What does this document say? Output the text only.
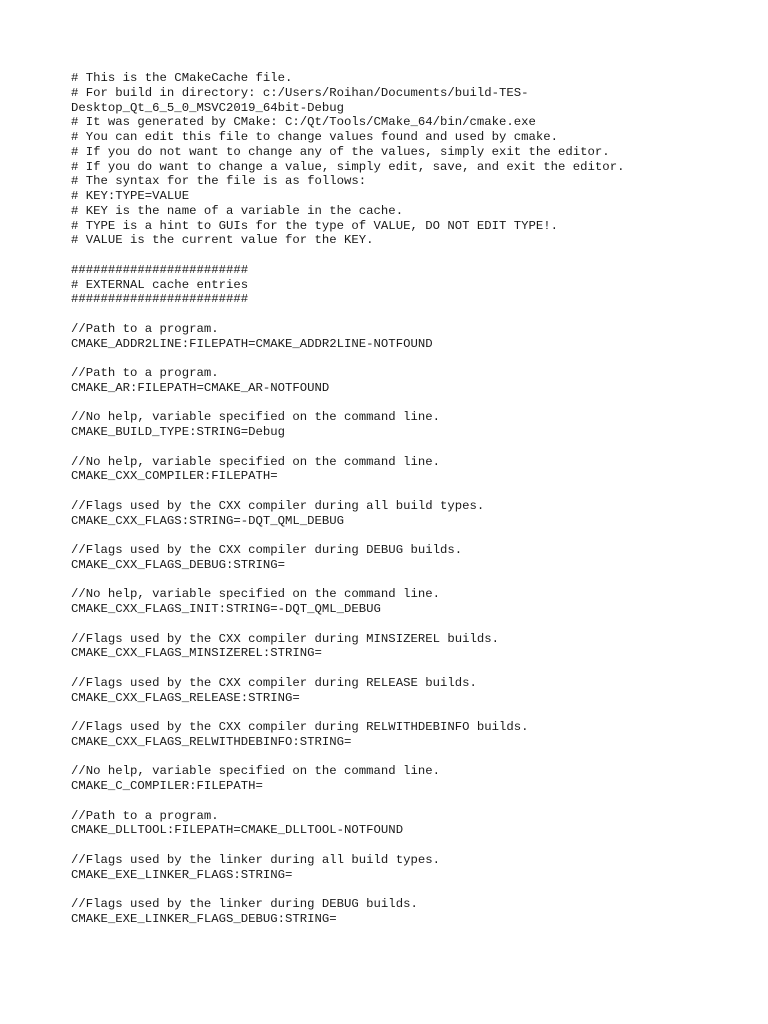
# This is the CMakeCache file.
# For build in directory: c:/Users/Roihan/Documents/build-TES-
Desktop_Qt_6_5_0_MSVC2019_64bit-Debug
# It was generated by CMake: C:/Qt/Tools/CMake_64/bin/cmake.exe
# You can edit this file to change values found and used by cmake.
# If you do not want to change any of the values, simply exit the editor.
# If you do want to change a value, simply edit, save, and exit the editor.
# The syntax for the file is as follows:
# KEY:TYPE=VALUE
# KEY is the name of a variable in the cache.
# TYPE is a hint to GUIs for the type of VALUE, DO NOT EDIT TYPE!.
# VALUE is the current value for the KEY.
########################
# EXTERNAL cache entries
########################
//Path to a program.
CMAKE_ADDR2LINE:FILEPATH=CMAKE_ADDR2LINE-NOTFOUND
//Path to a program.
CMAKE_AR:FILEPATH=CMAKE_AR-NOTFOUND
//No help, variable specified on the command line.
CMAKE_BUILD_TYPE:STRING=Debug
//No help, variable specified on the command line.
CMAKE_CXX_COMPILER:FILEPATH=
//Flags used by the CXX compiler during all build types.
CMAKE_CXX_FLAGS:STRING=-DQT_QML_DEBUG
//Flags used by the CXX compiler during DEBUG builds.
CMAKE_CXX_FLAGS_DEBUG:STRING=
//No help, variable specified on the command line.
CMAKE_CXX_FLAGS_INIT:STRING=-DQT_QML_DEBUG
//Flags used by the CXX compiler during MINSIZEREL builds.
CMAKE_CXX_FLAGS_MINSIZEREL:STRING=
//Flags used by the CXX compiler during RELEASE builds.
CMAKE_CXX_FLAGS_RELEASE:STRING=
//Flags used by the CXX compiler during RELWITHDEBINFO builds.
CMAKE_CXX_FLAGS_RELWITHDEBINFO:STRING=
//No help, variable specified on the command line.
CMAKE_C_COMPILER:FILEPATH=
//Path to a program.
CMAKE_DLLTOOL:FILEPATH=CMAKE_DLLTOOL-NOTFOUND
//Flags used by the linker during all build types.
CMAKE_EXE_LINKER_FLAGS:STRING=
//Flags used by the linker during DEBUG builds.
CMAKE_EXE_LINKER_FLAGS_DEBUG:STRING=
